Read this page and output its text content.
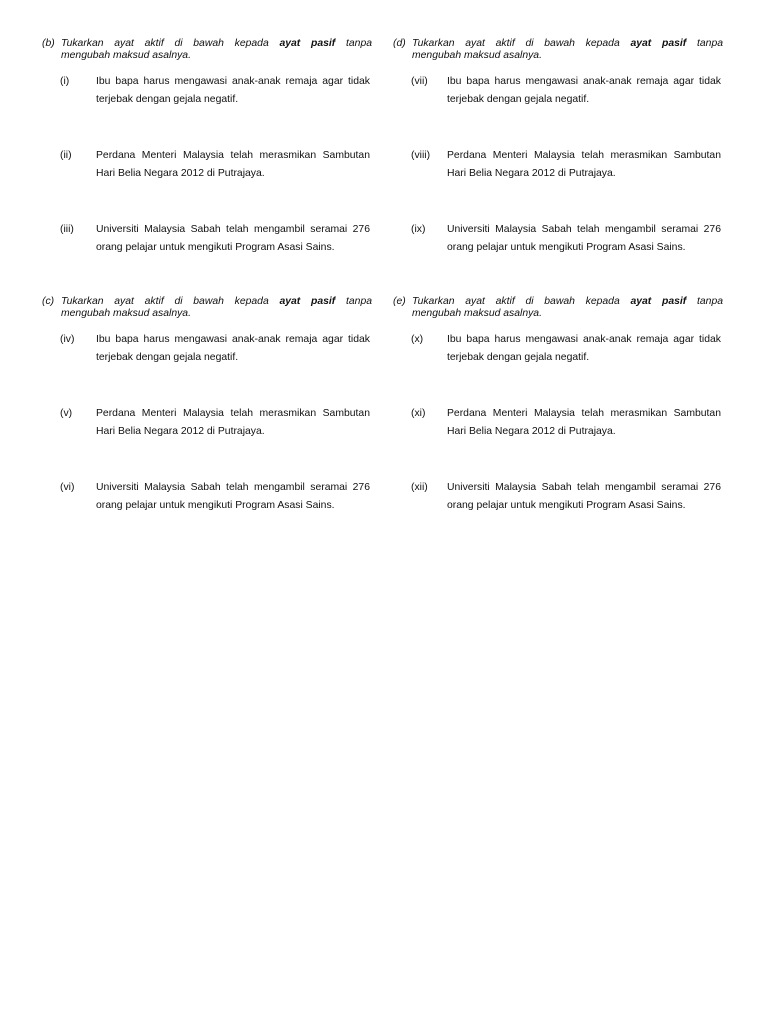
(b) Tukarkan ayat aktif di bawah kepada ayat pasif tanpa
mengubah maksud asalnya.
(i)	Ibu bapa harus mengawasi anak-anak remaja agar tidak
terjebak dengan gejala negatif.
(ii) Perdana Menteri Malaysia telah merasmikan Sambutan
Hari Belia Negara 2012 di Putrajaya.
(iii) Universiti Malaysia Sabah telah mengambil seramai 276
orang pelajar untuk mengikuti Program Asasi Sains.
(d) Tukarkan ayat aktif di bawah kepada ayat pasif tanpa
mengubah maksud asalnya.
(vii) Ibu bapa harus mengawasi anak-anak remaja agar tidak
terjebak dengan gejala negatif.
(viii) Perdana Menteri Malaysia telah merasmikan Sambutan
Hari Belia Negara 2012 di Putrajaya.
(ix) Universiti Malaysia Sabah telah mengambil seramai 276
orang pelajar untuk mengikuti Program Asasi Sains.
(c) Tukarkan ayat aktif di bawah kepada ayat pasif tanpa
mengubah maksud asalnya.
(iv) Ibu bapa harus mengawasi anak-anak remaja agar tidak
terjebak dengan gejala negatif.
(v) Perdana Menteri Malaysia telah merasmikan Sambutan
Hari Belia Negara 2012 di Putrajaya.
(vi) Universiti Malaysia Sabah telah mengambil seramai 276
orang pelajar untuk mengikuti Program Asasi Sains.
(e) Tukarkan ayat aktif di bawah kepada ayat pasif tanpa
mengubah maksud asalnya.
(x) Ibu bapa harus mengawasi anak-anak remaja agar tidak
terjebak dengan gejala negatif.
(xi) Perdana Menteri Malaysia telah merasmikan Sambutan
Hari Belia Negara 2012 di Putrajaya.
(xii) Universiti Malaysia Sabah telah mengambil seramai 276
orang pelajar untuk mengikuti Program Asasi Sains.
